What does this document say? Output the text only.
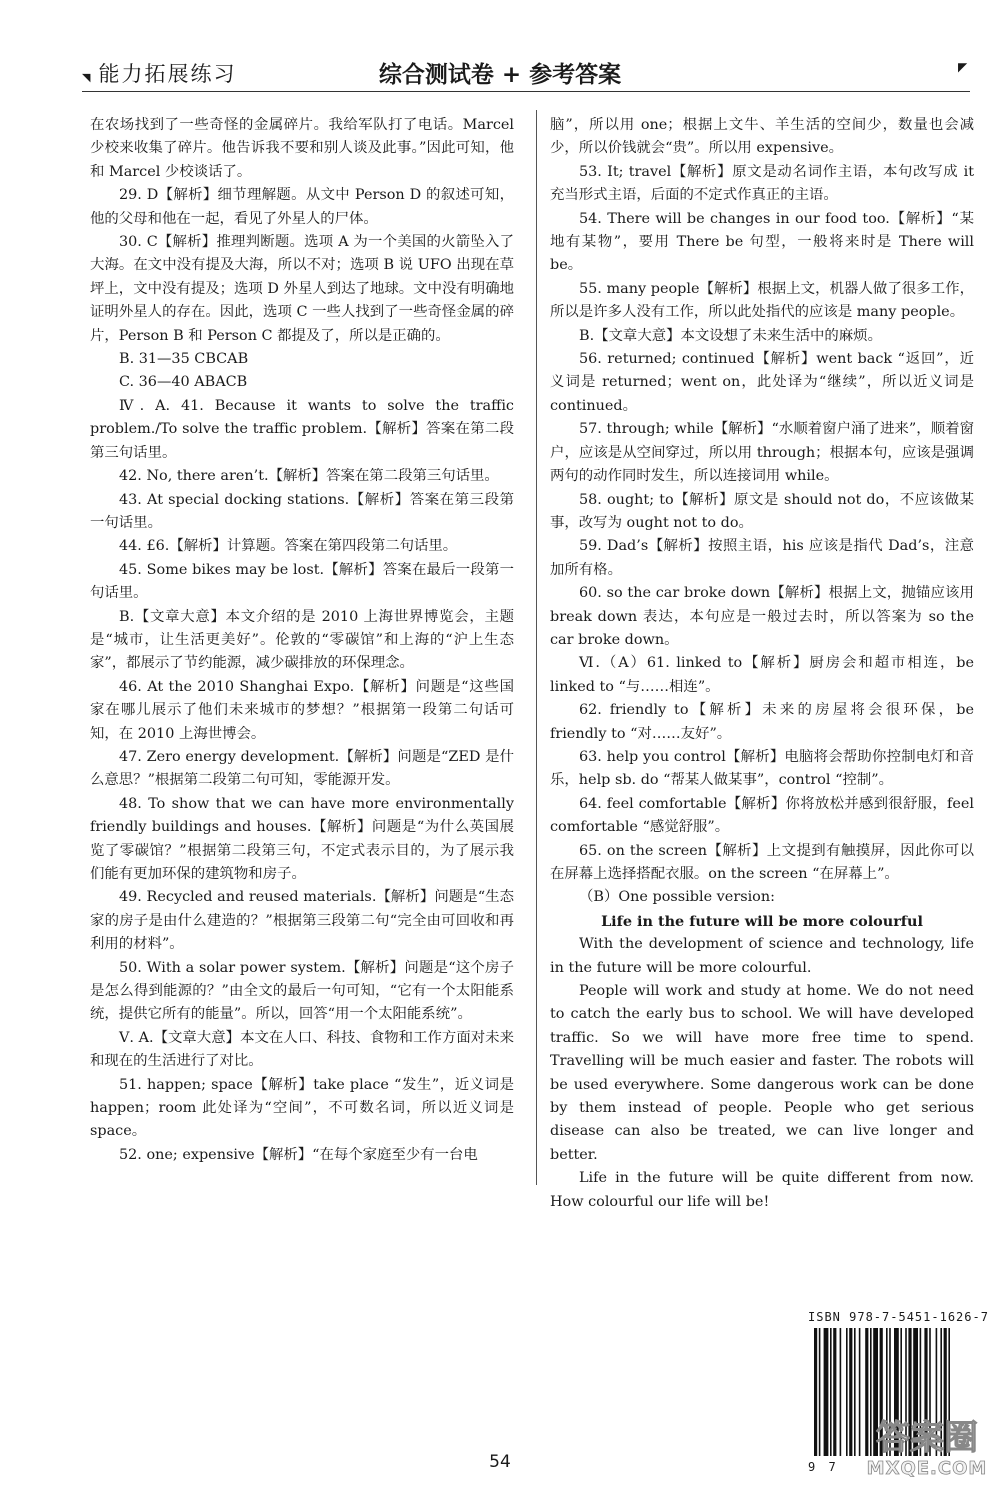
◥ 能力拓展练习	综合测试卷 + 参考答案	◤

在农场找到了一些奇怪的金属碎片。我给军队打了电话。Marcel 少校来收集了碎片。他告诉我不要和别人谈及此事。”因此可知，他和 Marcel 少校谈话了。

29. D【解析】细节理解题。从文中 Person D 的叙述可知，他的父母和他在一起，看见了外星人的尸体。

30. C【解析】推理判断题。选项 A 为一个美国的火箭坠入了大海。在文中没有提及大海，所以不对；选项 B 说 UFO 出现在草坪上，文中没有提及；选项 D 外星人到达了地球。文中没有明确地证明外星人的存在。因此，选项 C 一些人找到了一些奇怪金属的碎片，Person B 和 Person C 都提及了，所以是正确的。

B. 31—35 CBCAB

C. 36—40 ABACB

Ⅳ. A. 41. Because it wants to solve the traffic problem./To solve the traffic problem.【解析】答案在第二段第三句话里。

42. No, there aren’t.【解析】答案在第二段第三句话里。

43. At special docking stations.【解析】答案在第三段第一句话里。

44. £6.【解析】计算题。答案在第四段第二句话里。

45. Some bikes may be lost.【解析】答案在最后一段第一句话里。

B.【文章大意】本文介绍的是 2010 上海世界博览会，主题是“城市，让生活更美好”。伦敦的“零碳馆”和上海的“沪上生态家”，都展示了节约能源，减少碳排放的环保理念。

46. At the 2010 Shanghai Expo.【解析】问题是“这些国家在哪儿展示了他们未来城市的梦想？”根据第一段第二句话可知，在 2010 上海世博会。

47. Zero energy development.【解析】问题是“ZED 是什么意思？”根据第二段第二句可知，零能源开发。

48. To show that we can have more environmentally friendly buildings and houses.【解析】问题是“为什么英国展览了零碳馆？”根据第二段第三句，不定式表示目的，为了展示我们能有更加环保的建筑物和房子。

49. Recycled and reused materials.【解析】问题是“生态家的房子是由什么建造的？”根据第三段第二句“完全由可回收和再利用的材料”。

50. With a solar power system.【解析】问题是“这个房子是怎么得到能源的？”由全文的最后一句可知，“它有一个太阳能系统，提供它所有的能量”。所以，回答“用一个太阳能系统”。

Ⅴ. A.【文章大意】本文在人口、科技、食物和工作方面对未来和现在的生活进行了对比。

51. happen; space【解析】take place “发生”，近义词是 happen；room 此处译为“空间”，不可数名词，所以近义词是 space。

52. one; expensive【解析】“在每个家庭至少有一台电

脑”，所以用 one；根据上文牛、羊生活的空间少，数量也会减少，所以价钱就会“贵”。所以用 expensive。

53. It; travel【解析】原文是动名词作主语，本句改写成 it 充当形式主语，后面的不定式作真正的主语。

54. There will be changes in our food too.【解析】“某地有某物”，要用 There be 句型，一般将来时是 There will be。

55. many people【解析】根据上文，机器人做了很多工作，所以是许多人没有工作，所以此处指代的应该是 many people。

B.【文章大意】本文设想了未来生活中的麻烦。

56. returned; continued【解析】went back “返回”，近义词是 returned；went on，此处译为“继续”，所以近义词是 continued。

57. through; while【解析】“水顺着窗户涌了进来”，顺着窗户，应该是从空间穿过，所以用 through；根据本句，应该是强调两句的动作同时发生，所以连接词用 while。

58. ought; to【解析】原文是 should not do，不应该做某事，改写为 ought not to do。

59. Dad’s【解析】按照主语，his 应该是指代 Dad’s，注意加所有格。

60. so the car broke down【解析】根据上文，抛锚应该用 break down 表达，本句应是一般过去时，所以答案为 so the car broke down。

Ⅵ.（A）61. linked to【解析】厨房会和超市相连，be linked to “与……相连”。

62. friendly to【解析】未来的房屋将会很环保，be friendly to “对……友好”。

63. help you control【解析】电脑将会帮助你控制电灯和音乐，help sb. do “帮某人做某事”，control “控制”。

64. feel comfortable【解析】你将放松并感到很舒服，feel comfortable “感觉舒服”。

65. on the screen【解析】上文提到有触摸屏，因此你可以在屏幕上选择搭配衣服。on the screen “在屏幕上”。

（B）One possible version:

Life in the future will be more colourful

With the development of science and technology, life in the future will be more colourful.

People will work and study at home. We do not need to catch the early bus to school. We will have developed traffic. So we will have more free time to spend. Travelling will be much easier and faster. The robots will be used everywhere. Some dangerous work can be done by them instead of people. People who get serious disease can also be treated, we can live longer and better.

Life in the future will be quite different from now. How colourful our life will be!

ISBN 978-7-5451-1626-7
9 7
答案圈
MXQE.COM
54
